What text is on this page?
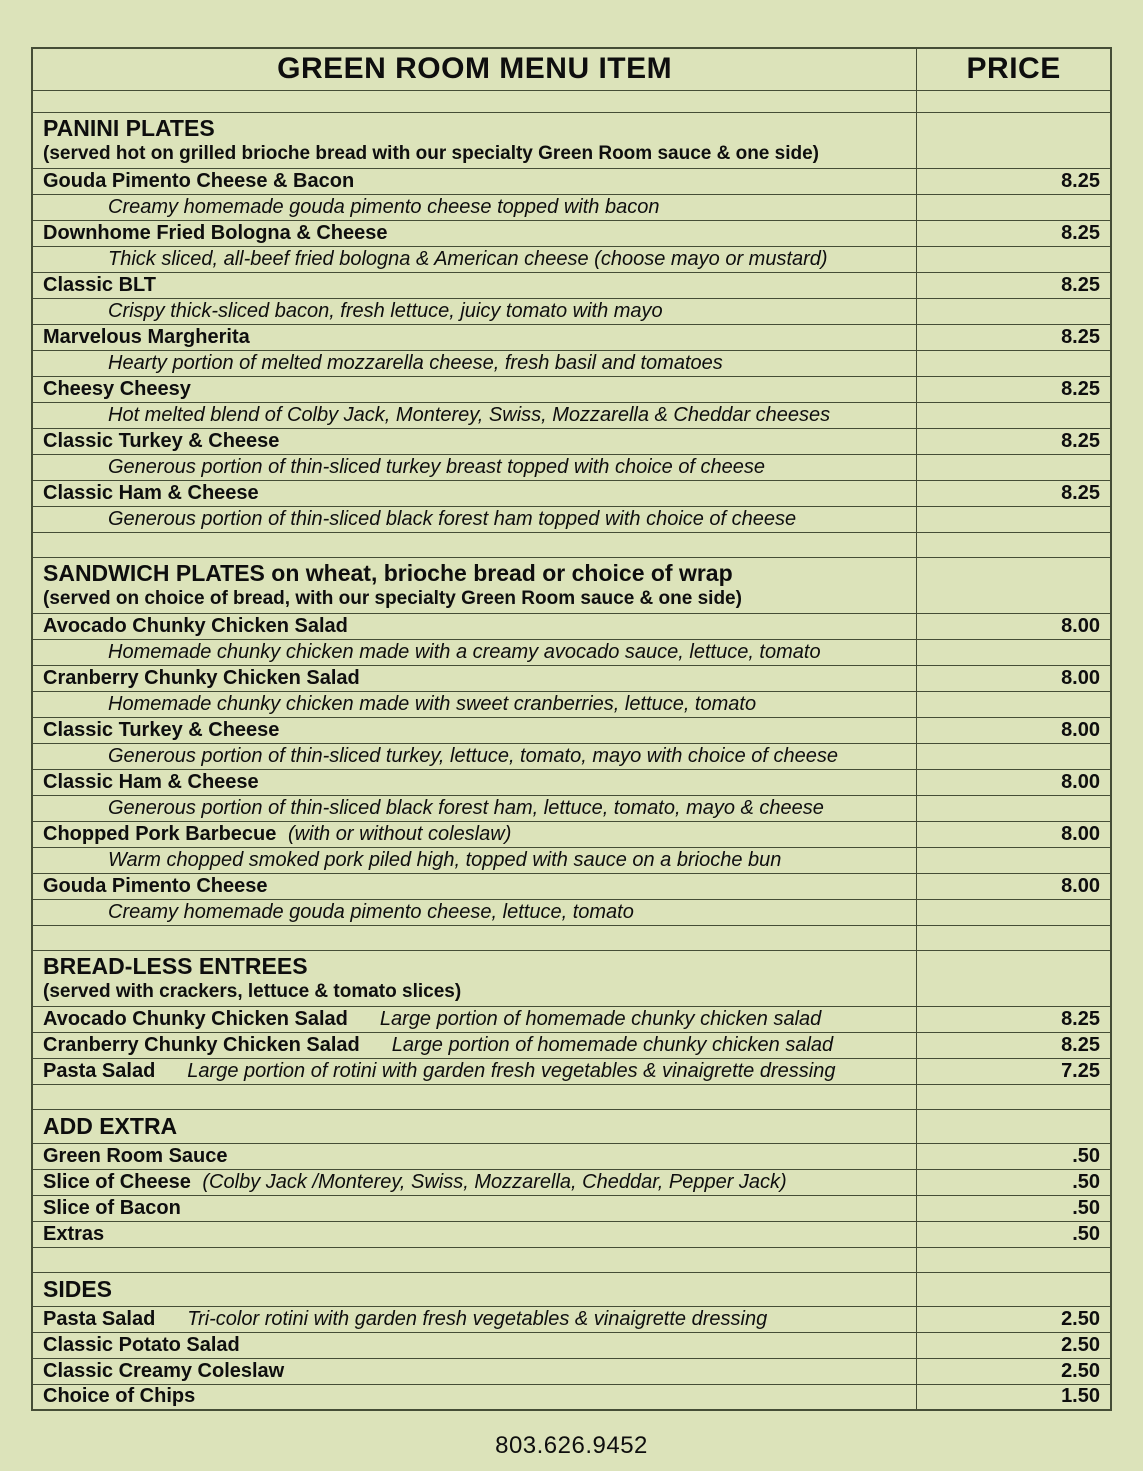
GREEN ROOM MENU ITEM	PRICE

PANINI PLATES
(served hot on grilled brioche bread with our specialty Green Room sauce & one side)	

Gouda Pimento Cheese & Bacon	8.25
Creamy homemade gouda pimento cheese topped with bacon	
Downhome Fried Bologna & Cheese	8.25
Thick sliced, all-beef fried bologna & American cheese (choose mayo or mustard)	
Classic BLT	8.25
Crispy thick-sliced bacon, fresh lettuce, juicy tomato with mayo	
Marvelous Margherita	8.25
Hearty portion of melted mozzarella cheese, fresh basil and tomatoes	
Cheesy Cheesy	8.25
Hot melted blend of Colby Jack, Monterey, Swiss, Mozzarella & Cheddar cheeses	
Classic Turkey & Cheese	8.25
Generous portion of thin-sliced turkey breast topped with choice of cheese	
Classic Ham & Cheese	8.25
Generous portion of thin-sliced black forest ham topped with choice of cheese	

SANDWICH PLATES on wheat, brioche bread or choice of wrap
(served on choice of bread, with our specialty Green Room sauce & one side)	

Avocado Chunky Chicken Salad	8.00
Homemade chunky chicken made with a creamy avocado sauce, lettuce, tomato	
Cranberry Chunky Chicken Salad	8.00
Homemade chunky chicken made with sweet cranberries, lettuce, tomato	
Classic Turkey & Cheese	8.00
Generous portion of thin-sliced turkey, lettuce, tomato, mayo with choice of cheese	
Classic Ham & Cheese	8.00
Generous portion of thin-sliced black forest ham, lettuce, tomato, mayo & cheese	
Chopped Pork Barbecue (with or without coleslaw)	8.00
Warm chopped smoked pork piled high, topped with sauce on a brioche bun	
Gouda Pimento Cheese	8.00
Creamy homemade gouda pimento cheese, lettuce, tomato	

BREAD-LESS ENTREES
(served with crackers, lettuce & tomato slices)	

Avocado Chunky Chicken Salad Large portion of homemade chunky chicken salad	8.25
Cranberry Chunky Chicken Salad Large portion of homemade chunky chicken salad	8.25
Pasta Salad Large portion of rotini with garden fresh vegetables & vinaigrette dressing	7.25

ADD EXTRA	

Green Room Sauce	.50
Slice of Cheese (Colby Jack /Monterey, Swiss, Mozzarella, Cheddar, Pepper Jack)	.50
Slice of Bacon	.50
Extras	.50

SIDES	

Pasta Salad Tri-color rotini with garden fresh vegetables & vinaigrette dressing	2.50
Classic Potato Salad	2.50
Classic Creamy Coleslaw	2.50
Choice of Chips	1.50
803.626.9452
